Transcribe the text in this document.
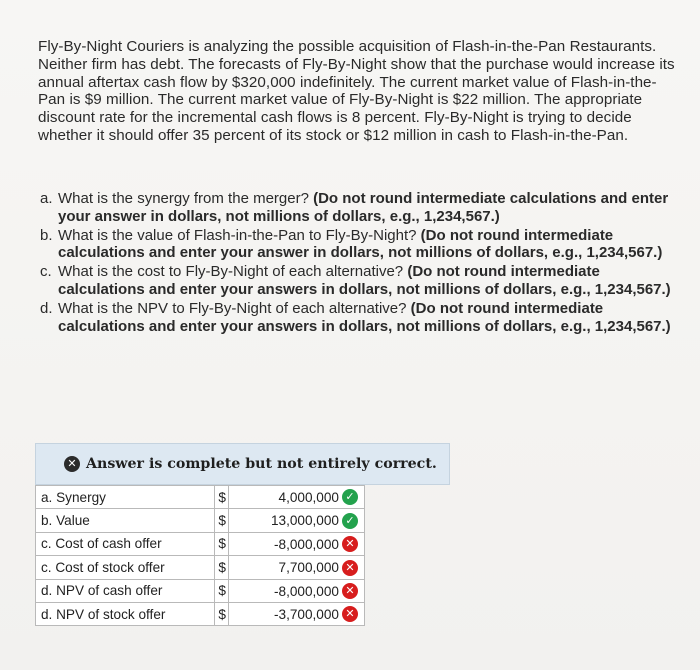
Fly-By-Night Couriers is analyzing the possible acquisition of Flash-in-the-Pan Restaurants. Neither firm has debt. The forecasts of Fly-By-Night show that the purchase would increase its annual aftertax cash flow by $320,000 indefinitely. The current market value of Flash-in-the-Pan is $9 million. The current market value of Fly-By-Night is $22 million. The appropriate discount rate for the incremental cash flows is 8 percent. Fly-By-Night is trying to decide whether it should offer 35 percent of its stock or $12 million in cash to Flash-in-the-Pan.
a. What is the synergy from the merger? (Do not round intermediate calculations and enter your answer in dollars, not millions of dollars, e.g., 1,234,567.)
b. What is the value of Flash-in-the-Pan to Fly-By-Night? (Do not round intermediate calculations and enter your answer in dollars, not millions of dollars, e.g., 1,234,567.)
c. What is the cost to Fly-By-Night of each alternative? (Do not round intermediate calculations and enter your answers in dollars, not millions of dollars, e.g., 1,234,567.)
d. What is the NPV to Fly-By-Night of each alternative? (Do not round intermediate calculations and enter your answers in dollars, not millions of dollars, e.g., 1,234,567.)
✕ Answer is complete but not entirely correct.
a. Synergy	$	4,000,000 ✓
b. Value	$	13,000,000 ✓
c. Cost of cash offer	$	-8,000,000 ✕
c. Cost of stock offer	$	7,700,000 ✕
d. NPV of cash offer	$	-8,000,000 ✕
d. NPV of stock offer	$	-3,700,000 ✕
